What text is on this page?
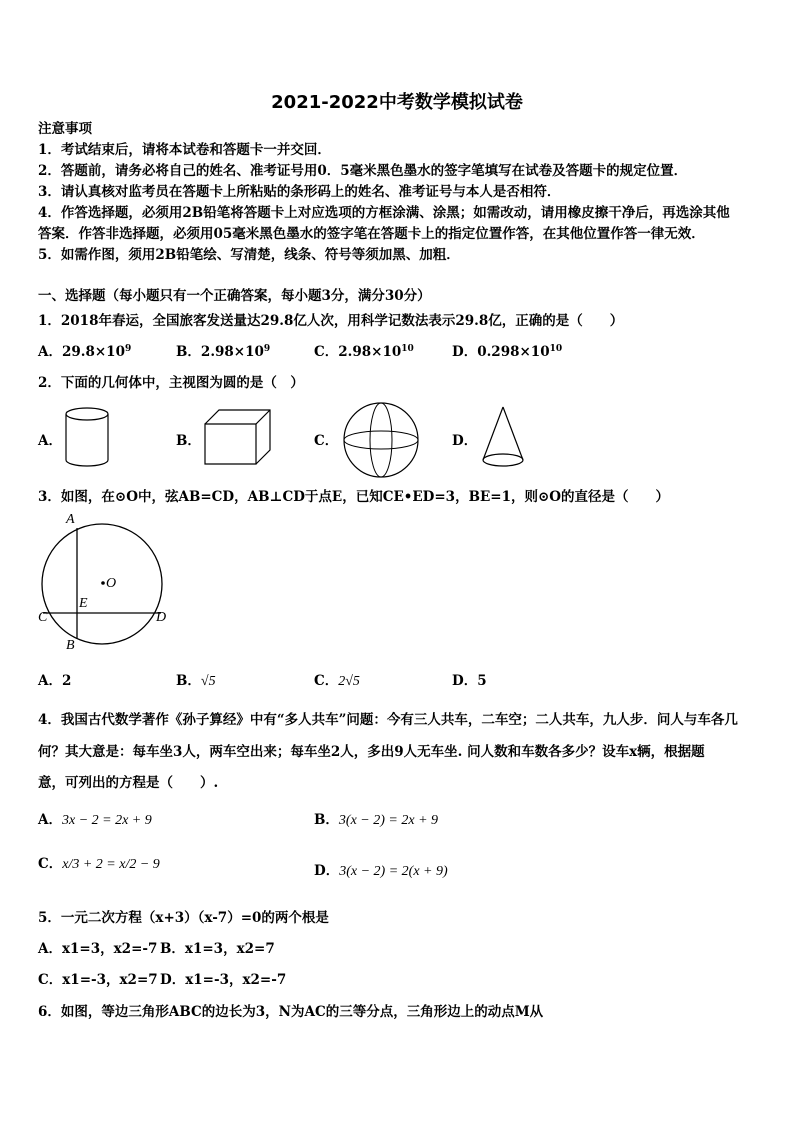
2021-2022中考数学模拟试卷
注意事项
1．考试结束后，请将本试卷和答题卡一并交回．
2．答题前，请务必将自己的姓名、准考证号用0．5毫米黑色墨水的签字笔填写在试卷及答题卡的规定位置．
3．请认真核对监考员在答题卡上所粘贴的条形码上的姓名、准考证号与本人是否相符．
4．作答选择题，必须用2B铅笔将答题卡上对应选项的方框涂满、涂黑；如需改动，请用橡皮擦干净后，再选涂其他
答案．作答非选择题，必须用05毫米黑色墨水的签字笔在答题卡上的指定位置作答，在其他位置作答一律无效．
5．如需作图，须用2B铅笔绘、写清楚，线条、符号等须加黑、加粗．
一、选择题（每小题只有一个正确答案，每小题3分，满分30分）
1．2018年春运，全国旅客发送量达29.8亿人次，用科学记数法表示29.8亿，正确的是（　　）
A．$29.8\times 10^9$	B．$2.98\times 10^9$	C．$2.98\times 10^{10}$	D．$0.298\times 10^{10}$
2．下面的几何体中，主视图为圆的是（　）
A．	B．	C．	D．
3．如图，在⊙O中，弦AB=CD，AB⊥CD于点E，已知CE•ED=3，BE=1，则⊙O的直径是（　　）
A
O
E
C	D
B
A．2	B．√5	C．2√5	D．5
4．我国古代数学著作《孙子算经》中有“多人共车”问题：今有三人共车，二车空；二人共车，九人步．问人与车各几
何？其大意是：每车坐3人，两车空出来；每车坐2人，多出9人无车坐. 问人数和车数各多少？设车x辆，根据题
意，可列出的方程是（　　）.
A．3x − 2 = 2x + 9	B．3(x − 2) = 2x + 9
C．x/3 + 2 = x/2 − 9	D．3(x − 2) = 2(x + 9)
5．一元二次方程（x+3）（x-7）=0的两个根是
A．x1=3，x2=-7 B．x1=3，x2=7
C．x1=-3，x2=7 D．x1=-3，x2=-7
6．如图，等边三角形ABC的边长为3，N为AC的三等分点，三角形边上的动点M从
